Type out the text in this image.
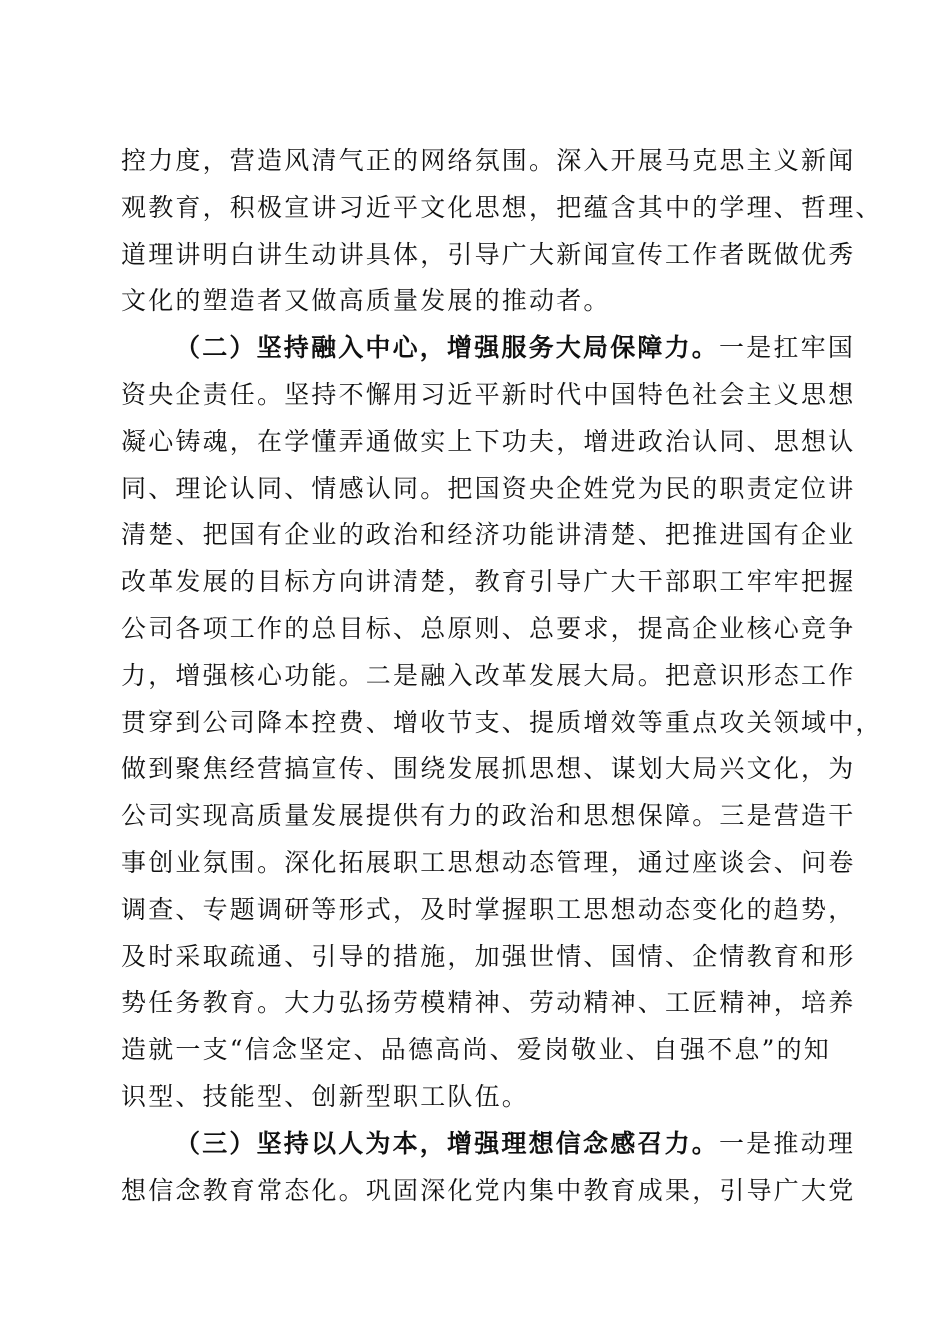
控力度，营造风清气正的网络氛围。深入开展马克思主义新闻
观教育，积极宣讲习近平文化思想，把蕴含其中的学理、哲理、
道理讲明白讲生动讲具体，引导广大新闻宣传工作者既做优秀
文化的塑造者又做高质量发展的推动者。
（二）坚持融入中心，增强服务大局保障力。一是扛牢国
资央企责任。坚持不懈用习近平新时代中国特色社会主义思想
凝心铸魂，在学懂弄通做实上下功夫，增进政治认同、思想认
同、理论认同、情感认同。把国资央企姓党为民的职责定位讲
清楚、把国有企业的政治和经济功能讲清楚、把推进国有企业
改革发展的目标方向讲清楚，教育引导广大干部职工牢牢把握
公司各项工作的总目标、总原则、总要求，提高企业核心竞争
力，增强核心功能。二是融入改革发展大局。把意识形态工作
贯穿到公司降本控费、增收节支、提质增效等重点攻关领域中，
做到聚焦经营搞宣传、围绕发展抓思想、谋划大局兴文化，为
公司实现高质量发展提供有力的政治和思想保障。三是营造干
事创业氛围。深化拓展职工思想动态管理，通过座谈会、问卷
调查、专题调研等形式，及时掌握职工思想动态变化的趋势，
及时采取疏通、引导的措施，加强世情、国情、企情教育和形
势任务教育。大力弘扬劳模精神、劳动精神、工匠精神，培养
造就一支“信念坚定、品德高尚、爱岗敬业、自强不息”的知
识型、技能型、创新型职工队伍。
（三）坚持以人为本，增强理想信念感召力。一是推动理
想信念教育常态化。巩固深化党内集中教育成果，引导广大党
